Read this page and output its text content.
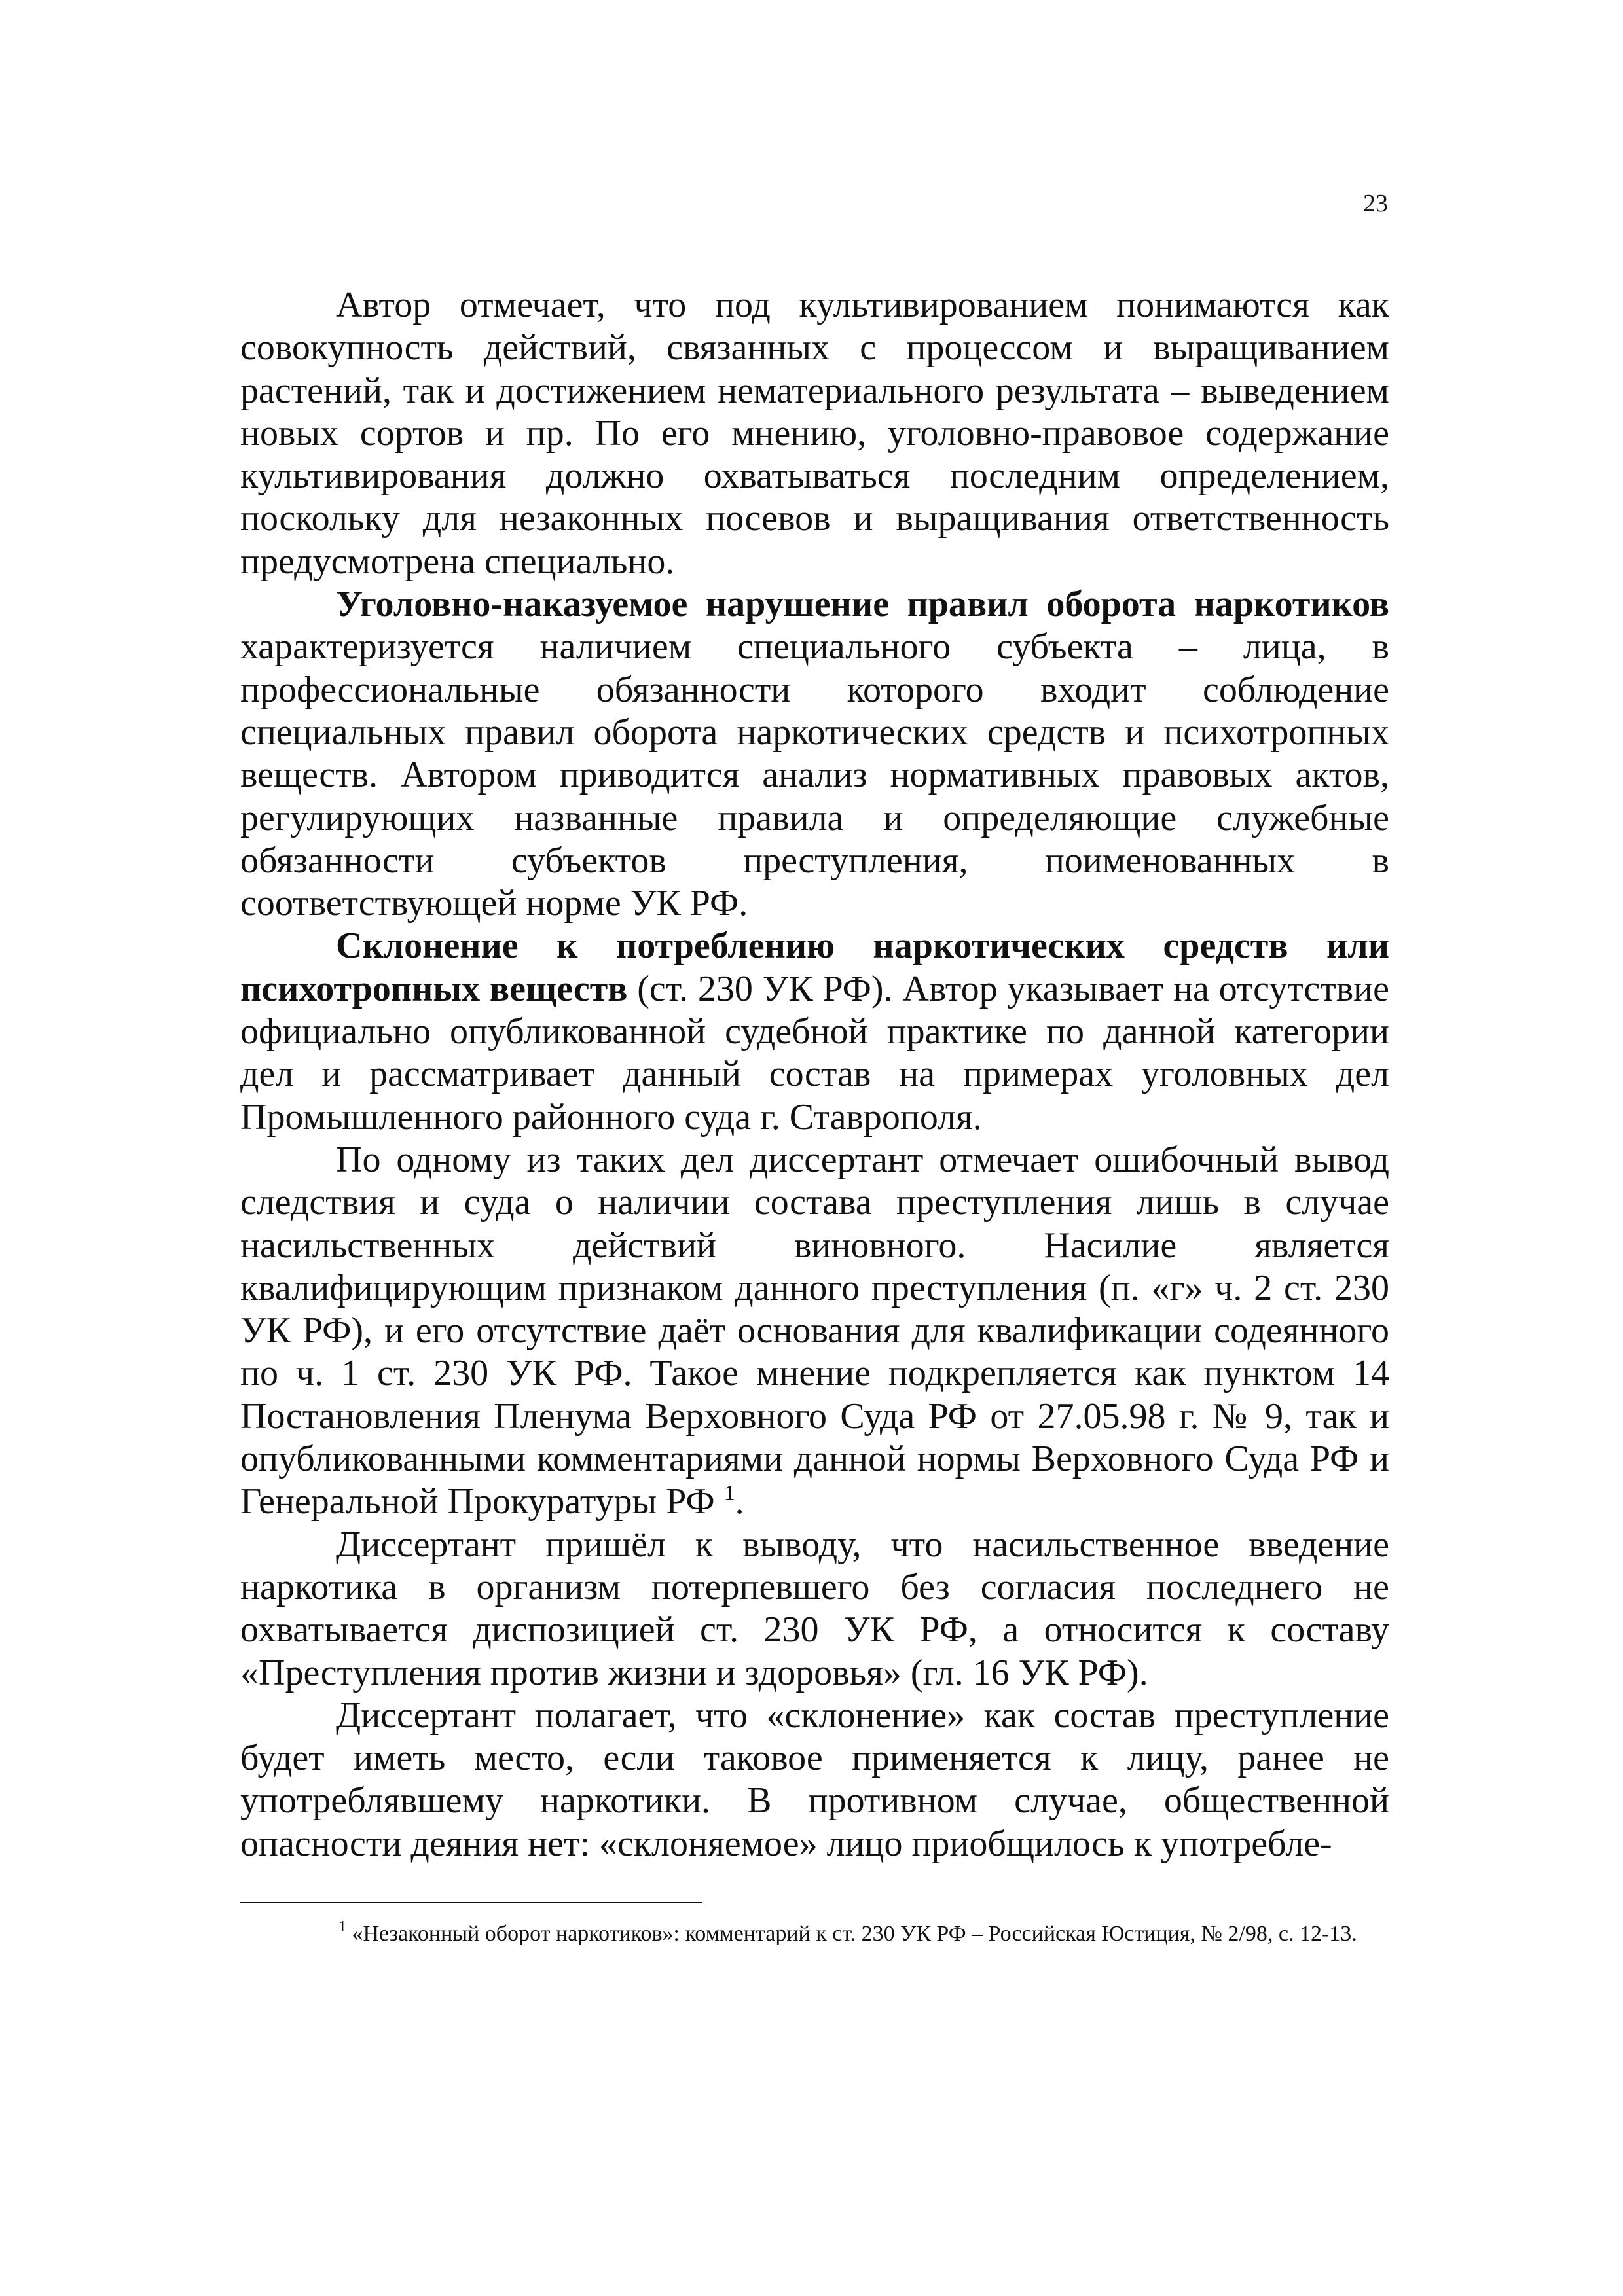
23

Автор отмечает, что под культивированием понимаются как совокупность действий, связанных с процессом и выращиванием растений, так и достижением нематериального результата – выведением новых сортов и пр. По его мнению, уголовно-правовое содержание культивирования должно охватываться последним определением, поскольку для незаконных посевов и выращивания ответственность предусмотрена специально.

Уголовно-наказуемое нарушение правил оборота наркотиков характеризуется наличием специального субъекта – лица, в профессиональные обязанности которого входит соблюдение специальных правил оборота наркотических средств и психотропных веществ. Автором приводится анализ нормативных правовых актов, регулирующих названные правила и определяющие служебные обязанности субъектов преступления, поименованных в соответствующей норме УК РФ.

Склонение к потреблению наркотических средств или психотропных веществ (ст. 230 УК РФ). Автор указывает на отсутствие официально опубликованной судебной практике по данной категории дел и рассматривает данный состав на примерах уголовных дел Промышленного районного суда г. Ставрополя.

По одному из таких дел диссертант отмечает ошибочный вывод следствия и суда о наличии состава преступления лишь в случае насильственных действий виновного. Насилие является квалифицирующим признаком данного преступления (п. «г» ч. 2 ст. 230 УК РФ), и его отсутствие даёт основания для квалификации содеянного по ч. 1 ст. 230 УК РФ. Такое мнение подкрепляется как пунктом 14 Постановления Пленума Верховного Суда РФ от 27.05.98 г. № 9, так и опубликованными комментариями данной нормы Верховного Суда РФ и Генеральной Прокуратуры РФ $^1$.

Диссертант пришёл к выводу, что насильственное введение наркотика в организм потерпевшего без согласия последнего не охватывается диспозицией ст. 230 УК РФ, а относится к составу «Преступления против жизни и здоровья» (гл. 16 УК РФ).

Диссертант полагает, что «склонение» как состав преступление будет иметь место, если таковое применяется к лицу, ранее не употреблявшему наркотики. В противном случае, общественной опасности деяния нет: «склоняемое» лицо приобщилось к употребле-

$^1$ «Незаконный оборот наркотиков»: комментарий к ст. 230 УК РФ – Российская Юстиция, № 2/98, с. 12-13.
